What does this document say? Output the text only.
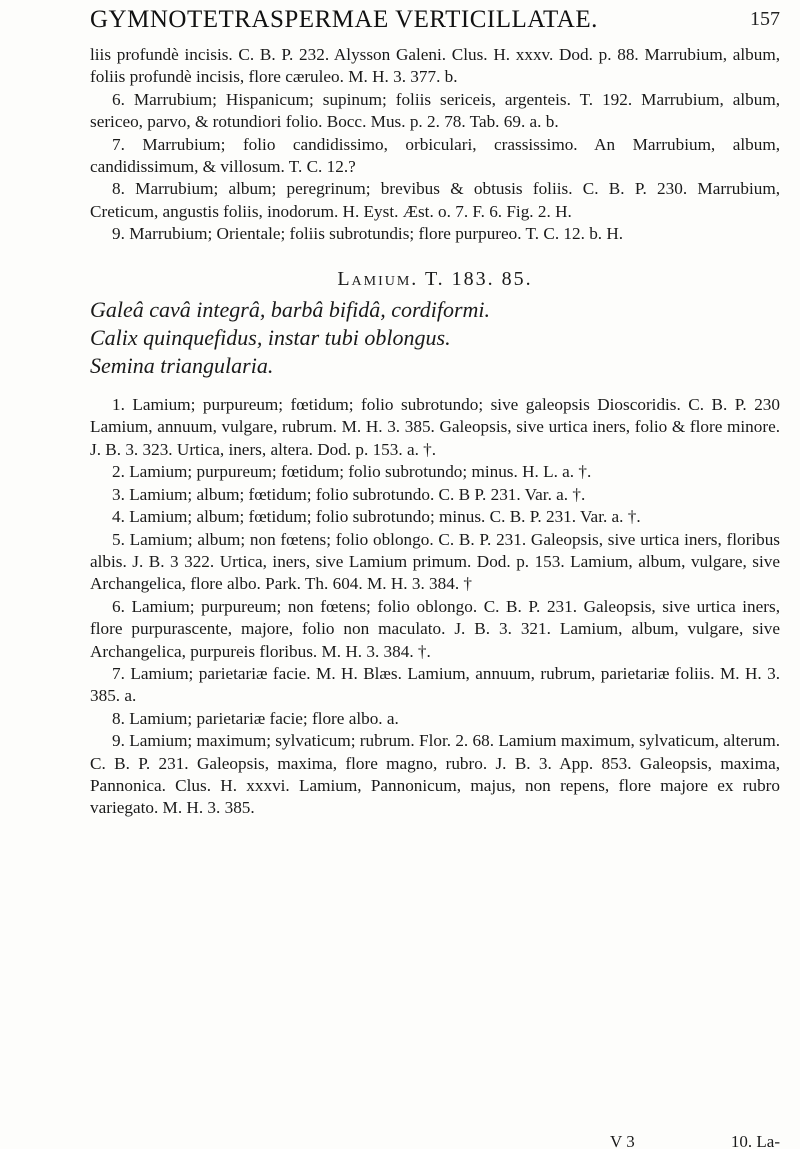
GYMNOTETRASPERMAE VERTICILLATAE.	157

liis profundè incisis. C. B. P. 232. Alysson Galeni. Clus. H. xxxv. Dod. p. 88. Marrubium, album, foliis profundè incisis, flore cæruleo. M. H. 3. 377. b.

6. Marrubium; Hispanicum; supinum; foliis sericeis, argenteis. T. 192. Marrubium, album, sericeo, parvo, & rotundiori folio. Bocc. Mus. p. 2. 78. Tab. 69. a. b.

7. Marrubium; folio candidissimo, orbiculari, crassissimo. An Marrubium, album, candidissimum, & villosum. T. C. 12.?

8. Marrubium; album; peregrinum; brevibus & obtusis foliis. C. B. P. 230. Marrubium, Creticum, angustis foliis, inodorum. H. Eyst. Æst. o. 7. F. 6. Fig. 2. H.

9. Marrubium; Orientale; foliis subrotundis; flore purpureo. T. C. 12. b. H.

Lamium. T. 183. 85.

Galeâ cavâ integrâ, barbâ bifidâ, cordiformi.

Calix quinquefidus, instar tubi oblongus.

Semina triangularia.

1. Lamium; purpureum; fœtidum; folio subrotundo; sive galeopsis Dioscoridis. C. B. P. 230 Lamium, annuum, vulgare, rubrum. M. H. 3. 385. Galeopsis, sive urtica iners, folio & flore minore. J. B. 3. 323. Urtica, iners, altera. Dod. p. 153. a. †.

2. Lamium; purpureum; fœtidum; folio subrotundo; minus. H. L. a. †.

3. Lamium; album; fœtidum; folio subrotundo. C. B P. 231. Var. a. †.

4. Lamium; album; fœtidum; folio subrotundo; minus. C. B. P. 231. Var. a. †.

5. Lamium; album; non fœtens; folio oblongo. C. B. P. 231. Galeopsis, sive urtica iners, floribus albis. J. B. 3 322. Urtica, iners, sive Lamium primum. Dod. p. 153. Lamium, album, vulgare, sive Archangelica, flore albo. Park. Th. 604. M. H. 3. 384. †

6. Lamium; purpureum; non fœtens; folio oblongo. C. B. P. 231. Galeopsis, sive urtica iners, flore purpurascente, majore, folio non maculato. J. B. 3. 321. Lamium, album, vulgare, sive Archangelica, purpureis floribus. M. H. 3. 384. †.

7. Lamium; parietariæ facie. M. H. Blæs. Lamium, annuum, rubrum, parietariæ foliis. M. H. 3. 385. a.

8. Lamium; parietariæ facie; flore albo. a.

9. Lamium; maximum; sylvaticum; rubrum. Flor. 2. 68. Lamium maximum, sylvaticum, alterum. C. B. P. 231. Galeopsis, maxima, flore magno, rubro. J. B. 3. App. 853. Galeopsis, maxima, Pannonica. Clus. H. xxxvi. Lamium, Pannonicum, majus, non repens, flore majore ex rubro variegato. M. H. 3. 385.

V 3	10. La-
